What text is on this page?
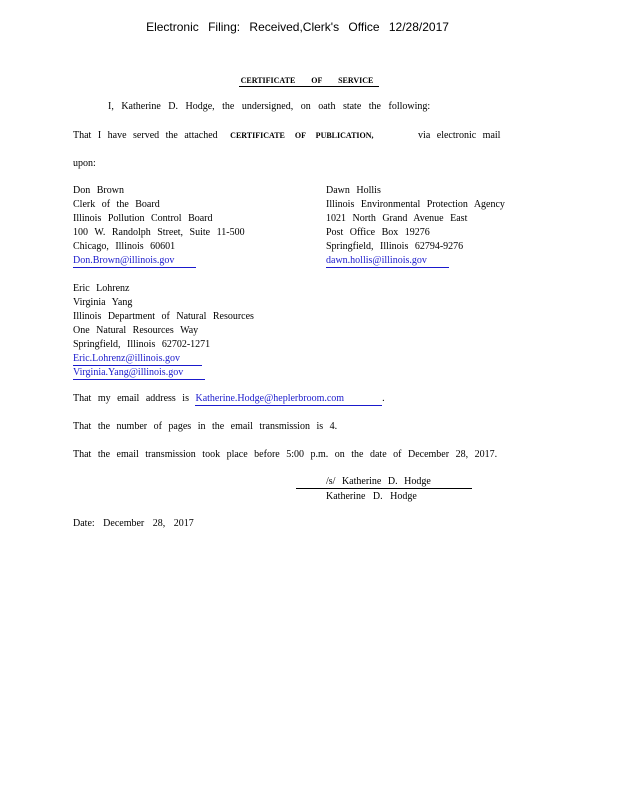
Electronic Filing: Received,Clerk's Office 12/28/2017
CERTIFICATE OF SERVICE
I, Katherine D. Hodge, the undersigned, on oath state the following:
That I have served the attached CERTIFICATE OF PUBLICATION,	via electronic mail
upon:
Don Brown
Clerk of the Board
Illinois Pollution Control Board
100 W. Randolph Street, Suite 11-500
Chicago, Illinois 60601
Don.Brown@illinois.gov
Dawn Hollis
Illinois Environmental Protection Agency
1021 North Grand Avenue East
Post Office Box 19276
Springfield, Illinois 62794-9276
dawn.hollis@illinois.gov
Eric Lohrenz
Virginia Yang
Illinois Department of Natural Resources
One Natural Resources Way
Springfield, Illinois 62702-1271
Eric.Lohrenz@illinois.gov
Virginia.Yang@illinois.gov
That my email address is Katherine.Hodge@heplerbroom.com	.
That the number of pages in the email transmission is 4.
That the email transmission took place before 5:00 p.m. on the date of December 28, 2017.
/s/ Katherine D. Hodge
Katherine D. Hodge
Date: December 28, 2017
